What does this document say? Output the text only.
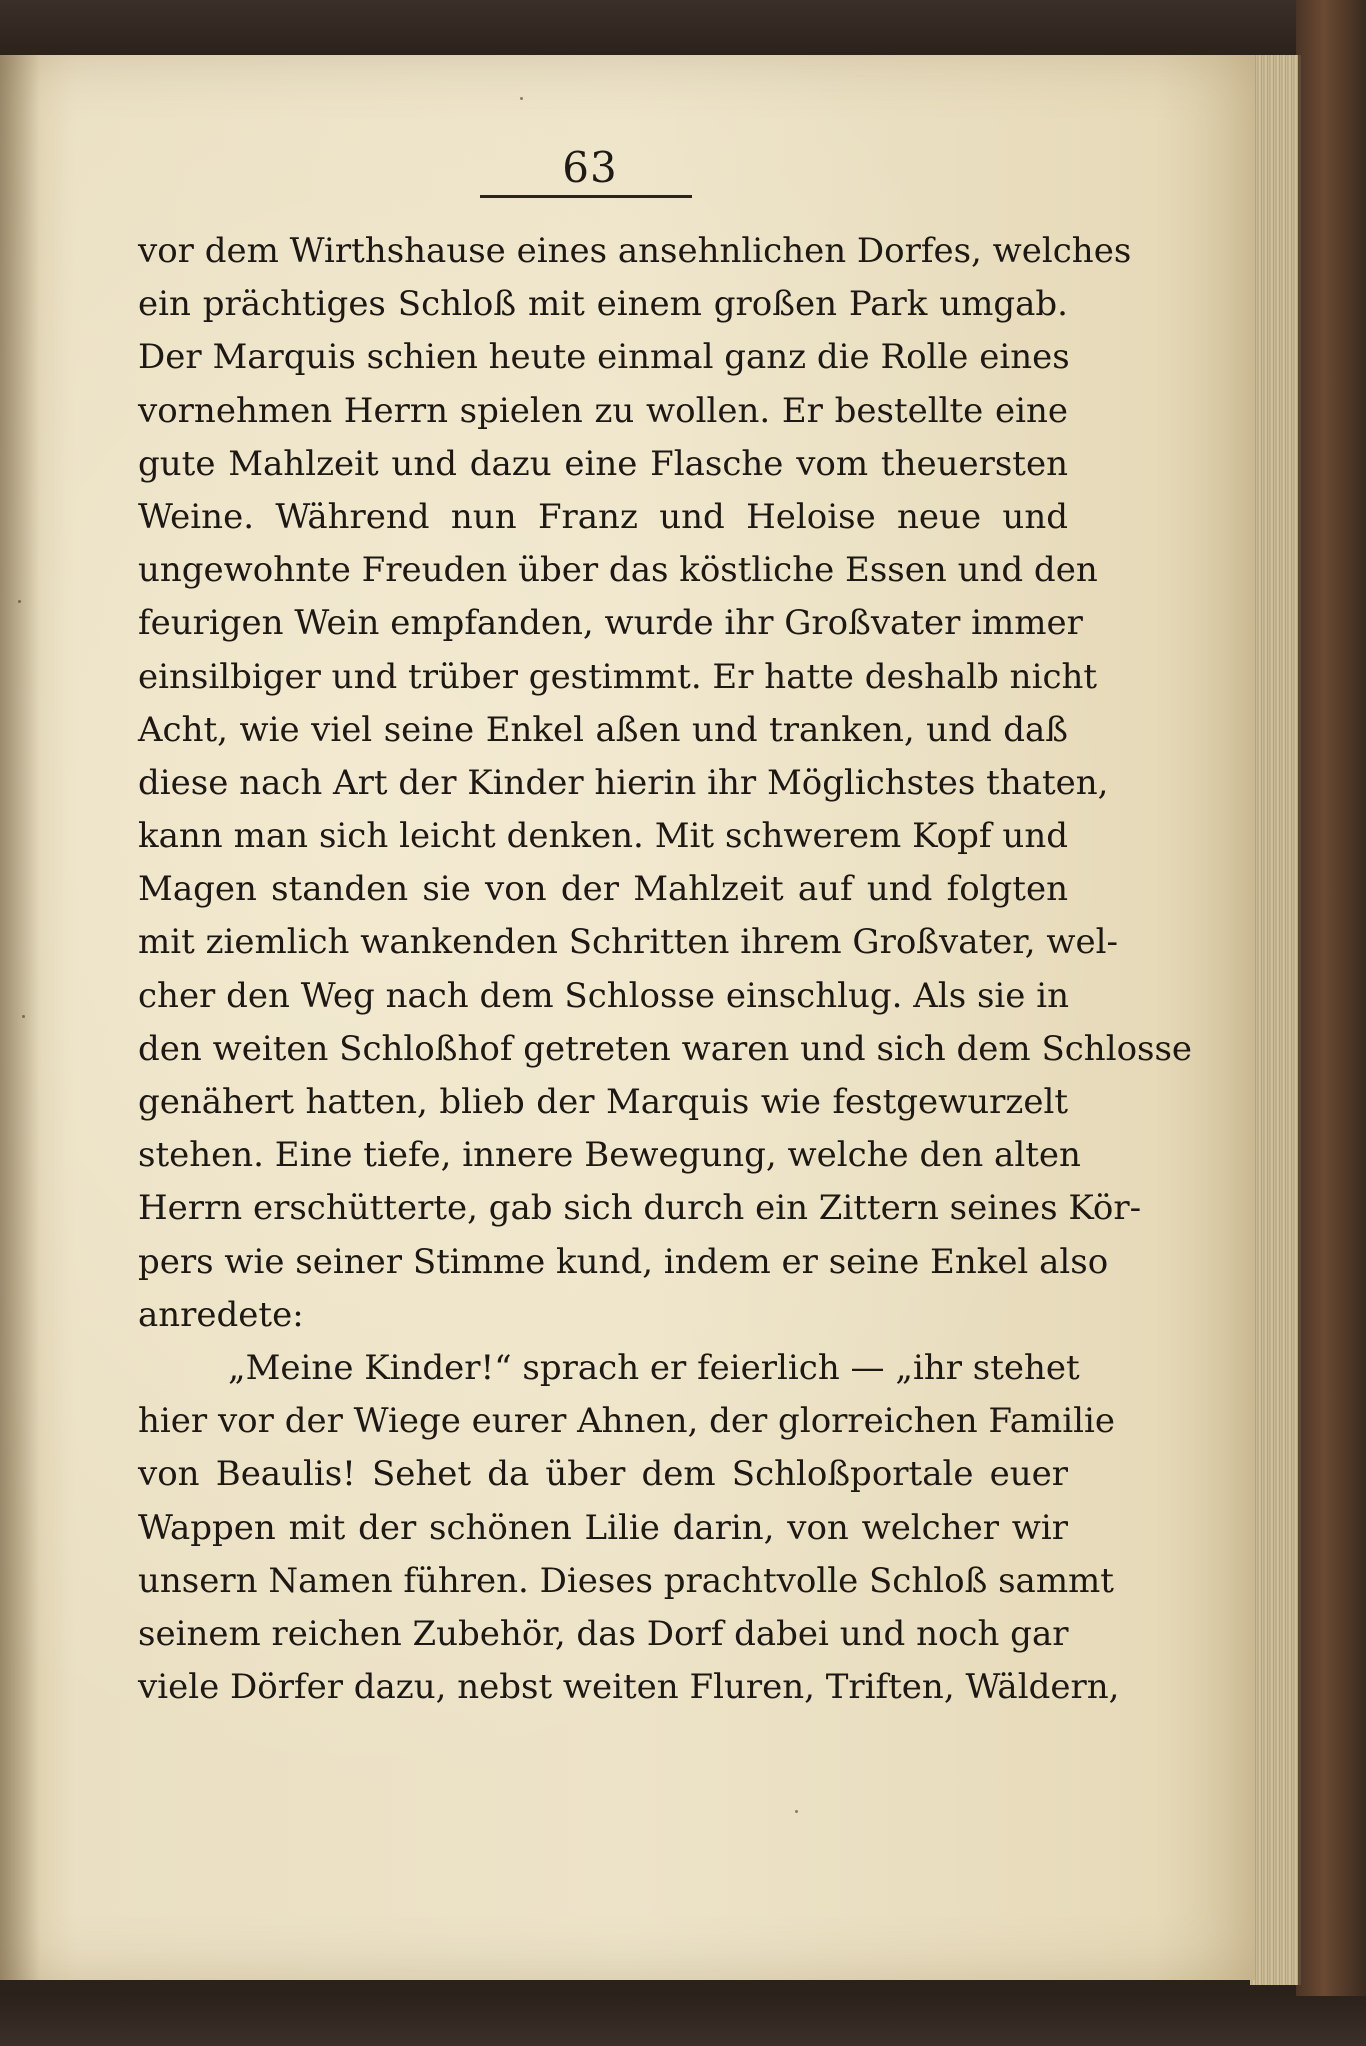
63
vor dem Wirthshause eines ansehnlichen Dorfes, welches
ein prächtiges Schloß mit einem großen Park umgab.
Der Marquis schien heute einmal ganz die Rolle eines
vornehmen Herrn spielen zu wollen. Er bestellte eine
gute Mahlzeit und dazu eine Flasche vom theuersten
Weine. Während nun Franz und Heloise neue und
ungewohnte Freuden über das köstliche Essen und den
feurigen Wein empfanden, wurde ihr Großvater immer
einsilbiger und trüber gestimmt. Er hatte deshalb nicht
Acht, wie viel seine Enkel aßen und tranken, und daß
diese nach Art der Kinder hierin ihr Möglichstes thaten,
kann man sich leicht denken. Mit schwerem Kopf und
Magen standen sie von der Mahlzeit auf und folgten
mit ziemlich wankenden Schritten ihrem Großvater, wel-
cher den Weg nach dem Schlosse einschlug. Als sie in
den weiten Schloßhof getreten waren und sich dem Schlosse
genähert hatten, blieb der Marquis wie festgewurzelt
stehen. Eine tiefe, innere Bewegung, welche den alten
Herrn erschütterte, gab sich durch ein Zittern seines Kör-
pers wie seiner Stimme kund, indem er seine Enkel also
anredete:
„Meine Kinder!“ sprach er feierlich — „ihr stehet
hier vor der Wiege eurer Ahnen, der glorreichen Familie
von Beaulis! Sehet da über dem Schloßportale euer
Wappen mit der schönen Lilie darin, von welcher wir
unsern Namen führen. Dieses prachtvolle Schloß sammt
seinem reichen Zubehör, das Dorf dabei und noch gar
viele Dörfer dazu, nebst weiten Fluren, Triften, Wäldern,
